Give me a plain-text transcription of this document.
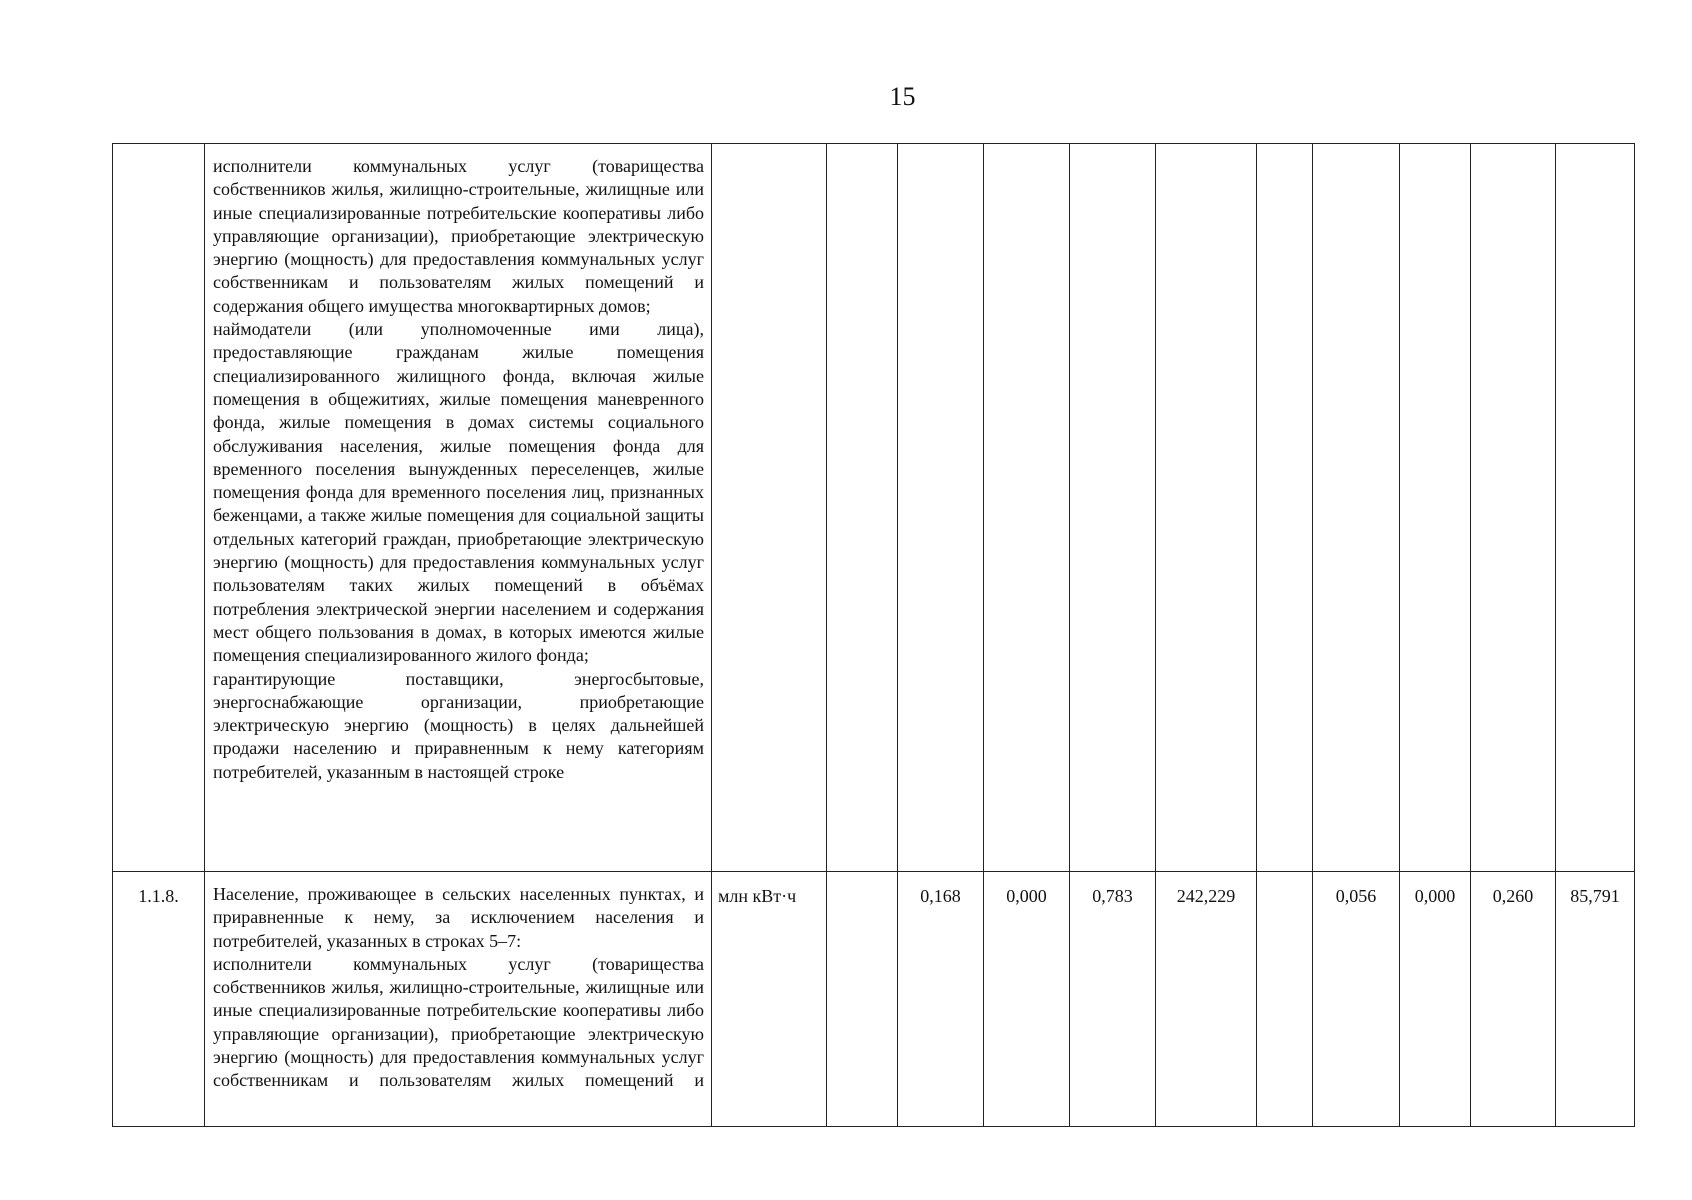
15

	исполнители коммунальных услуг (товарищества собственников жилья, жилищно-строительные, жилищные или иные специализированные потребительские кооперативы либо управляющие организации), приобретающие электрическую энергию (мощность) для предоставления коммунальных услуг собственникам и пользователям жилых помещений и содержания общего имущества многоквартирных домов;

наймодатели (или уполномоченные ими лица), предоставляющие гражданам жилые помещения специализированного жилищного фонда, включая жилые помещения в общежитиях, жилые помещения маневренного фонда, жилые помещения в домах системы социального обслуживания населения, жилые помещения фонда для временного поселения вынужденных переселенцев, жилые помещения фонда для временного поселения лиц, признанных беженцами, а также жилые помещения для социальной защиты отдельных категорий граждан, приобретающие электрическую энергию (мощность) для предоставления коммунальных услуг пользователям таких жилых помещений в объёмах потребления электрической энергии населением и содержания мест общего пользования в домах, в которых имеются жилые помещения специализированного жилого фонда;

гарантирующие поставщики, энергосбытовые, энергоснабжающие организации, приобретающие электрическую энергию (мощность) в целях дальнейшей продажи населению и приравненным к нему категориям потребителей, указанным в настоящей строке												

1.1.8.	Население, проживающее в сельских населенных пунктах, и приравненные к нему, за исключением населения и потребителей, указанных в строках 5–7:

исполнители коммунальных услуг (товарищества собственников жилья, жилищно-строительные, жилищные или иные специализированные потребительские кооперативы либо управляющие организации), приобретающие электрическую энергию (мощность) для предоставления коммунальных услуг собственникам и пользователям жилых помещений и	млн кВт·ч		0,168	0,000	0,783	242,229		0,056	0,000	0,260	85,791	
